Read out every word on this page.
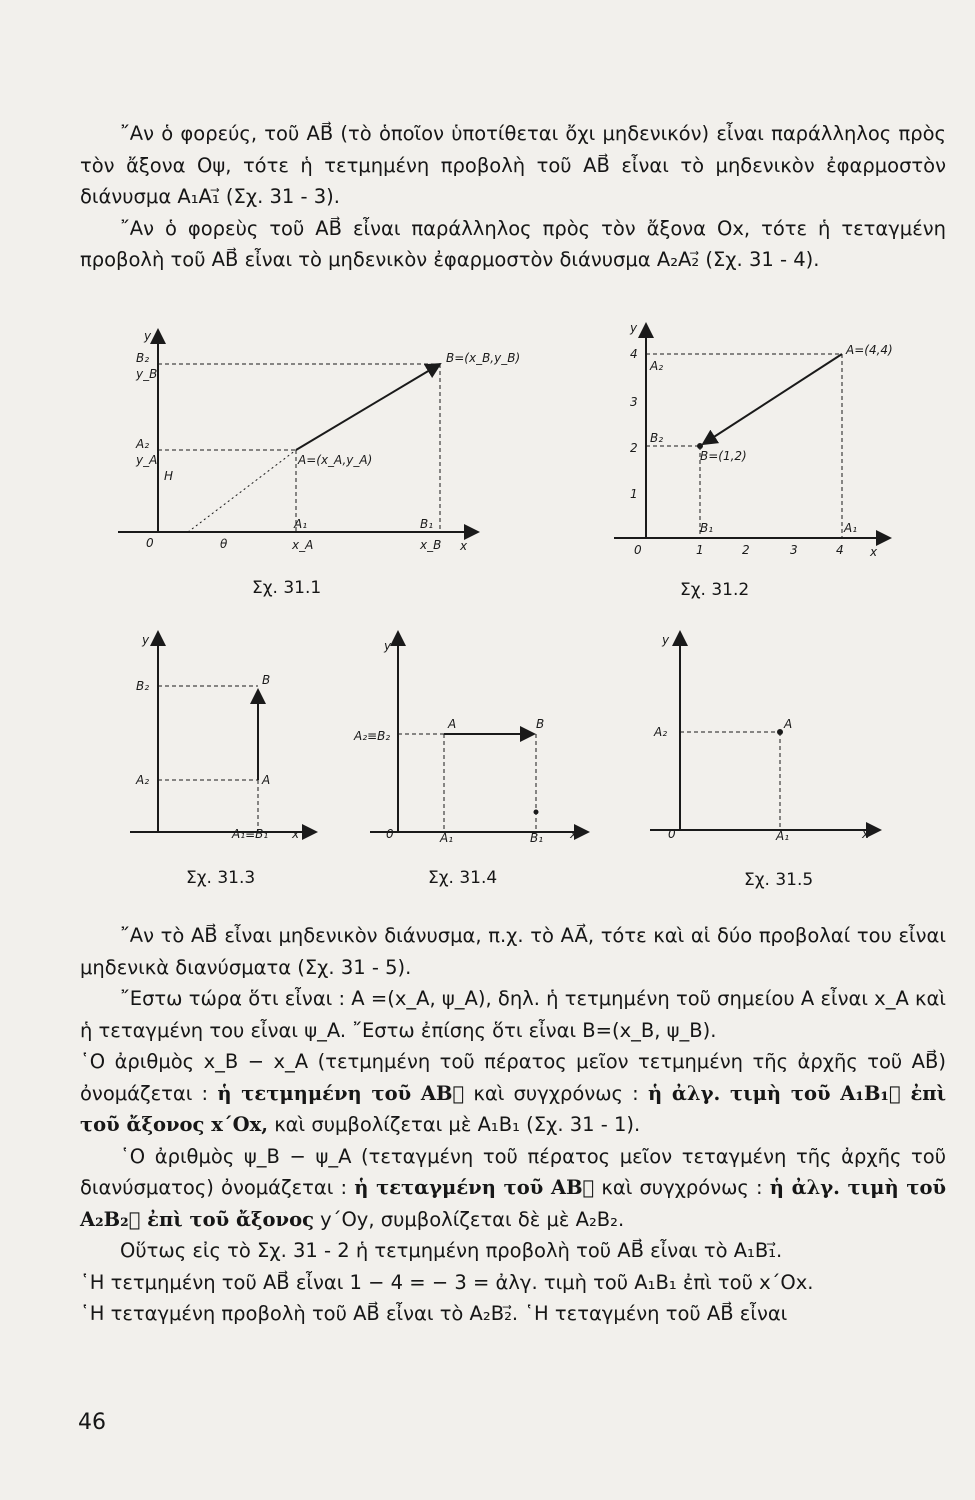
῎Αν ὁ φορεύς, τοῦ AB⃗ (τὸ ὁποῖον ὑποτίθεται ὄχι μηδενικόν) εἶναι παράλληλος πρὸς τὸν ἄξονα Οψ, τότε ἡ τετμημένη προβολὴ τοῦ AB⃗ εἶναι τὸ μηδενικὸν ἐφαρμοστὸν διάνυσμα A₁A₁⃗ (Σχ. 31 - 3).

῎Αν ὁ φορεὺς τοῦ AB⃗ εἶναι παράλληλος πρὸς τὸν ἄξονα Οx, τότε ἡ τεταγμένη προβολὴ τοῦ AB⃗ εἶναι τὸ μηδενικὸν ἐφαρμοστὸν διάνυσμα A₂A₂⃗ (Σχ. 31 - 4).

y
0
B₂
y_B
A₂
y_A
H
B=(x_B,y_B)
A=(x_A,y_A)
θ
A₁
x_A
B₁
x_B x
Σχ. 31.1
y
4
3
2
1
A₂
B₂
A=(4,4)
B=(1,2)
B₁	A₁
0	1	2	3	4 x
Σχ. 31.2
y
B₂	B
A₂	A
A₁≡B₁ x
Σχ. 31.3
y
A₂≡B₂
A	B
0	A₁	B₁ x
Σχ. 31.4
y
A₂
A
0	A₁	x
Σχ. 31.5

῎Αν τὸ AB⃗ εἶναι μηδενικὸν διάνυσμα, π.χ. τὸ AA⃗, τότε καὶ αἱ δύο προβολαί του εἶναι μηδενικὰ διανύσματα (Σχ. 31 - 5).

῎Εστω τώρα ὅτι εἶναι : A =(x_A, ψ_A), δηλ. ἡ τετμημένη τοῦ σημείου A εἶναι x_A καὶ ἡ τεταγμένη του εἶναι ψ_A. ῎Εστω ἐπίσης ὅτι εἶναι B=(x_B, ψ_B).

῾Ο ἀριθμὸς x_B − x_A (τετμημένη τοῦ πέρατος μεῖον τετμημένη τῆς ἀρχῆς τοῦ AB⃗) ὀνομάζεται : ἡ τετμημένη τοῦ AB⃗ καὶ συγχρόνως : ἡ ἀλγ. τιμὴ τοῦ A₁B₁⃗ ἐπὶ τοῦ ἄξονος x΄Ox, καὶ συμβολίζεται μὲ A₁B₁ (Σχ. 31 - 1).

῾Ο ἀριθμὸς ψ_B − ψ_A (τεταγμένη τοῦ πέρατος μεῖον τεταγμένη τῆς ἀρχῆς τοῦ διανύσματος) ὀνομάζεται : ἡ τεταγμένη τοῦ AB⃗ καὶ συγχρόνως : ἡ ἀλγ. τιμὴ τοῦ A₂B₂⃗ ἐπὶ τοῦ ἄξονος y΄Oy, συμβολίζεται δὲ μὲ A₂B₂.

Οὕτως εἰς τὸ Σχ. 31 - 2 ἡ τετμημένη προβολὴ τοῦ AB⃗ εἶναι τὸ A₁B₁⃗.

῾Η τετμημένη τοῦ AB⃗ εἶναι 1 − 4 = − 3 = ἀλγ. τιμὴ τοῦ A₁B₁ ἐπὶ τοῦ x΄Ox.

῾Η τεταγμένη προβολὴ τοῦ AB⃗ εἶναι τὸ A₂B₂⃗. ῾Η τεταγμένη τοῦ AB⃗ εἶναι

46
